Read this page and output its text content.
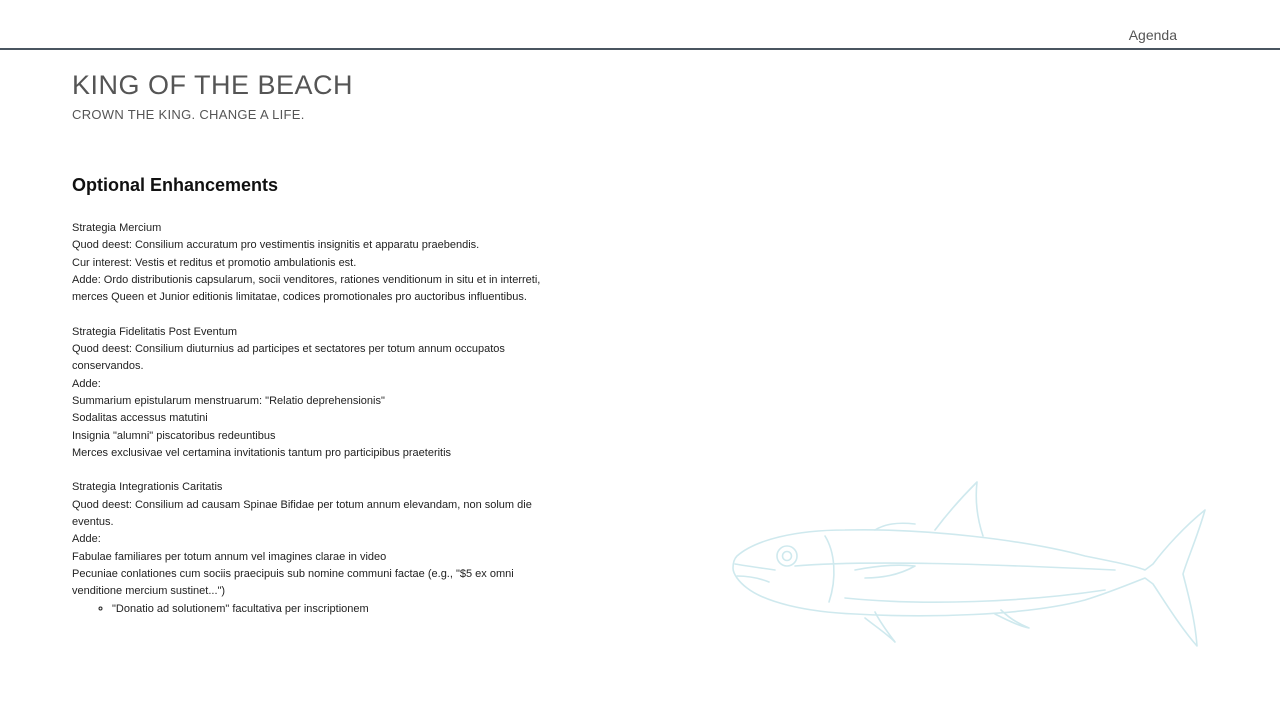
Agenda
KING OF THE BEACH

CROWN THE KING. CHANGE A LIFE.

Optional Enhancements

Strategia Mercium

Quod deest: Consilium accuratum pro vestimentis insignitis et apparatu praebendis.

Cur interest: Vestis et reditus et promotio ambulationis est.

Adde: Ordo distributionis capsularum, socii venditores, rationes venditionum in situ et in interreti, merces Queen et Junior editionis limitatae, codices promotionales pro auctoribus influentibus.

Strategia Fidelitatis Post Eventum

Quod deest: Consilium diuturnius ad participes et sectatores per totum annum occupatos conservandos.

Adde:

Summarium epistularum menstruarum: "Relatio deprehensionis"

Sodalitas accessus matutini

Insignia "alumni" piscatoribus redeuntibus

Merces exclusivae vel certamina invitationis tantum pro participibus praeteritis

Strategia Integrationis Caritatis

Quod deest: Consilium ad causam Spinae Bifidae per totum annum elevandam, non solum die eventus.

Adde:

Fabulae familiares per totum annum vel imagines clarae in video

Pecuniae conlationes cum sociis praecipuis sub nomine communi factae (e.g., "$5 ex omni venditione mercium sustinet...")

◦ "Donatio ad solutionem" facultativa per inscriptionem
